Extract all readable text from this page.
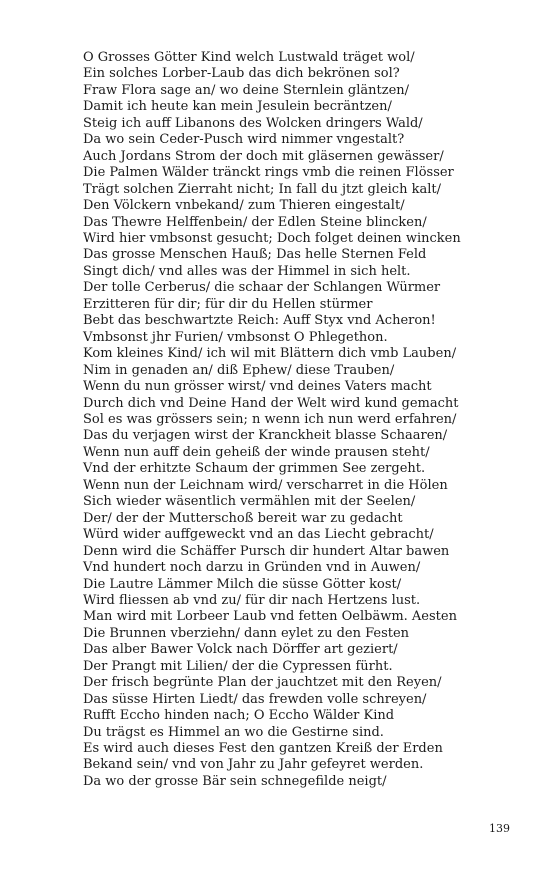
O Grosses Götter Kind welch Lustwald träget wol/
Ein solches Lorber-Laub das dich bekrönen sol?
Fraw Flora sage an/ wo deine Sternlein gläntzen/
Damit ich heute kan mein Jesulein becräntzen/
Steig ich auff Libanons des Wolcken dringers Wald/
Da wo sein Ceder-Pusch wird nimmer vngestalt?
Auch Jordans Strom der doch mit gläsernen gewässer/
Die Palmen Wälder tränckt rings vmb die reinen Flösser
Trägt solchen Zierraht nicht; In fall du jtzt gleich kalt/
Den Völckern vnbekand/ zum Thieren eingestalt/
Das Thewre Helffenbein/ der Edlen Steine blincken/
Wird hier vmbsonst gesucht; Doch folget deinen wincken
Das grosse Menschen Hauß; Das helle Sternen Feld
Singt dich/ vnd alles was der Himmel in sich helt.
Der tolle Cerberus/ die schaar der Schlangen Würmer
Erzitteren für dir; für dir du Hellen stürmer
Bebt das beschwartzte Reich: Auff Styx vnd Acheron!
Vmbsonst jhr Furien/ vmbsonst O Phlegethon.
Kom kleines Kind/ ich wil mit Blättern dich vmb Lauben/
Nim in genaden an/ diß Ephew/ diese Trauben/
Wenn du nun grösser wirst/ vnd deines Vaters macht
Durch dich vnd Deine Hand der Welt wird kund gemacht
Sol es was grössers sein; n wenn ich nun werd erfahren/
Das du verjagen wirst der Kranckheit blasse Schaaren/
Wenn nun auff dein geheiß der winde prausen steht/
Vnd der erhitzte Schaum der grimmen See zergeht.
Wenn nun der Leichnam wird/ verscharret in die Hölen
Sich wieder wäsentlich vermählen mit der Seelen/
Der/ der der Mutterschoß bereit war zu gedacht
Würd wider auffgeweckt vnd an das Liecht gebracht/
Denn wird die Schäffer Pursch dir hundert Altar bawen
Vnd hundert noch darzu in Gründen vnd in Auwen/
Die Lautre Lämmer Milch die süsse Götter kost/
Wird fliessen ab vnd zu/ für dir nach Hertzens lust.
Man wird mit Lorbeer Laub vnd fetten Oelbäwm. Aesten
Die Brunnen vberziehn/ dann eylet zu den Festen
Das alber Bawer Volck nach Dörffer art geziert/
Der Prangt mit Lilien/ der die Cypressen fürht.
Der frisch begrünte Plan der jauchtzet mit den Reyen/
Das süsse Hirten Liedt/ das frewden volle schreyen/
Rufft Eccho hinden nach; O Eccho Wälder Kind
Du trägst es Himmel an wo die Gestirne sind.
Es wird auch dieses Fest den gantzen Kreiß der Erden
Bekand sein/ vnd von Jahr zu Jahr gefeyret werden.
Da wo der grosse Bär sein schnegefilde neigt/
139
